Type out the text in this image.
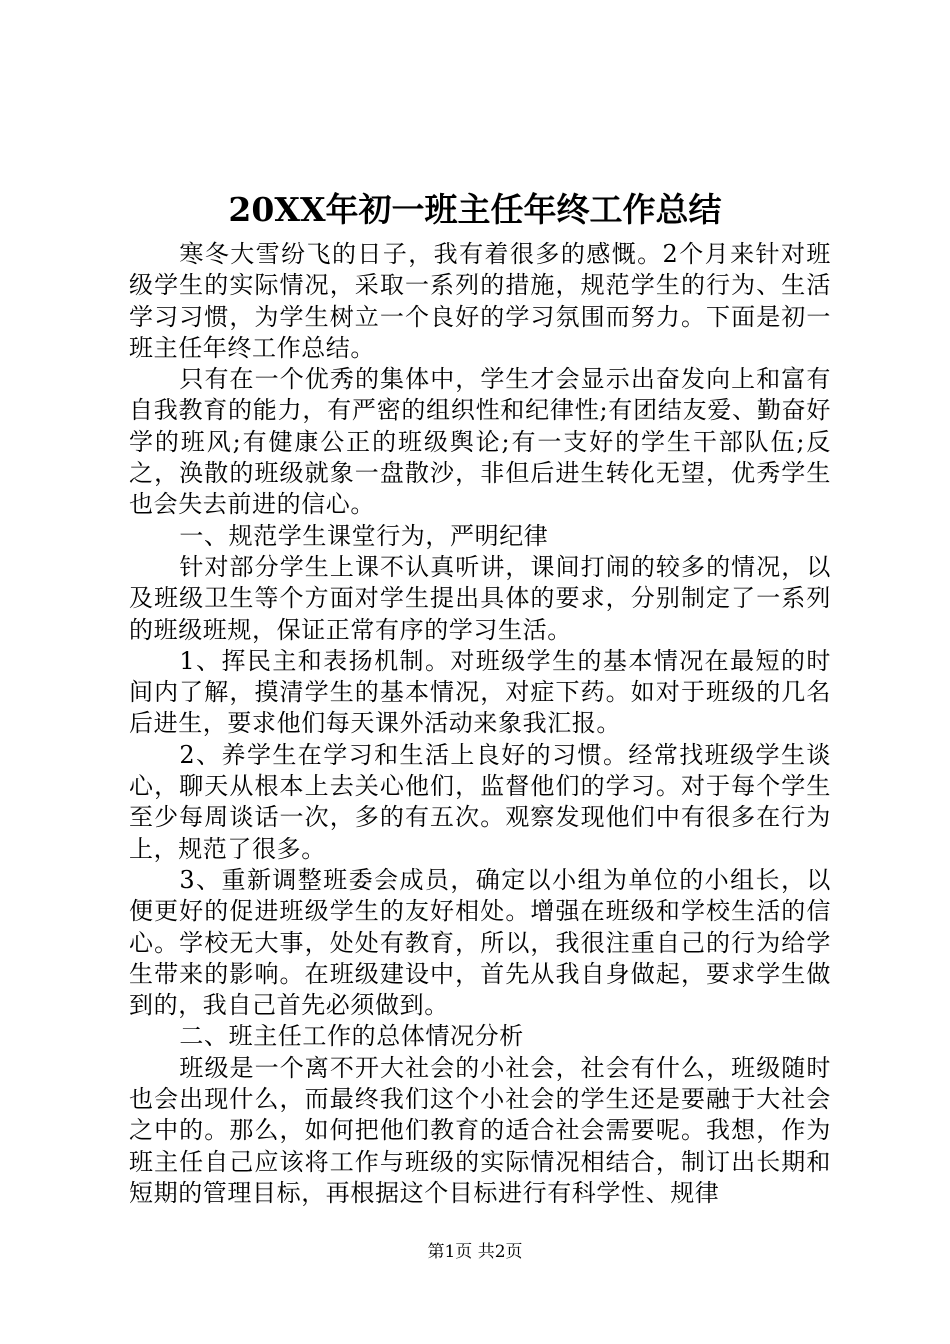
20XX年初一班主任年终工作总结

寒冬大雪纷飞的日子，我有着很多的感慨。2个月来针对班级学生的实际情况，采取一系列的措施，规范学生的行为、生活学习习惯，为学生树立一个良好的学习氛围而努力。下面是初一班主任年终工作总结。

只有在一个优秀的集体中，学生才会显示出奋发向上和富有自我教育的能力，有严密的组织性和纪律性;有团结友爱、勤奋好学的班风;有健康公正的班级舆论;有一支好的学生干部队伍;反之，涣散的班级就象一盘散沙，非但后进生转化无望，优秀学生也会失去前进的信心。

一、规范学生课堂行为，严明纪律

针对部分学生上课不认真听讲，课间打闹的较多的情况，以及班级卫生等个方面对学生提出具体的要求，分别制定了一系列的班级班规，保证正常有序的学习生活。

1、挥民主和表扬机制。对班级学生的基本情况在最短的时间内了解，摸清学生的基本情况，对症下药。如对于班级的几名后进生，要求他们每天课外活动来象我汇报。

2、养学生在学习和生活上良好的习惯。经常找班级学生谈心，聊天从根本上去关心他们，监督他们的学习。对于每个学生至少每周谈话一次，多的有五次。观察发现他们中有很多在行为上，规范了很多。

3、重新调整班委会成员，确定以小组为单位的小组长，以便更好的促进班级学生的友好相处。增强在班级和学校生活的信心。学校无大事，处处有教育，所以，我很注重自己的行为给学生带来的影响。在班级建设中，首先从我自身做起，要求学生做到的，我自己首先必须做到。

二、班主任工作的总体情况分析

班级是一个离不开大社会的小社会，社会有什么，班级随时也会出现什么，而最终我们这个小社会的学生还是要融于大社会之中的。那么，如何把他们教育的适合社会需要呢。我想，作为班主任自己应该将工作与班级的实际情况相结合，制订出长期和短期的管理目标，再根据这个目标进行有科学性、规律

第1页 共2页
